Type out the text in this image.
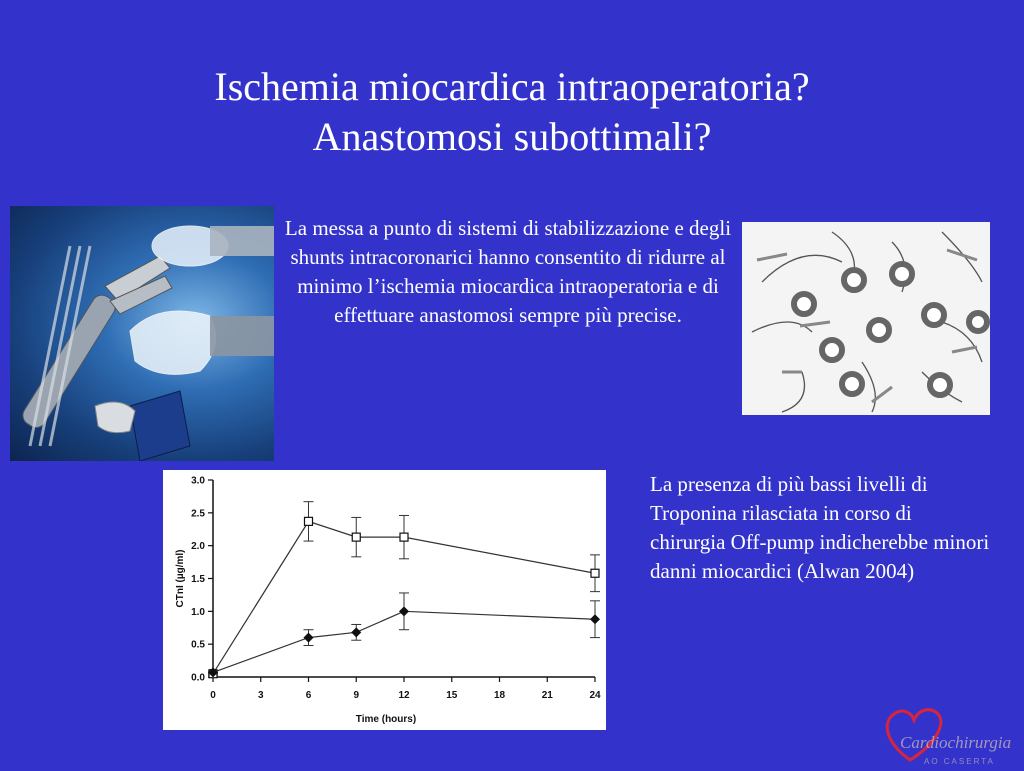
Ischemia miocardica intraoperatoria?
Anastomosi subottimali?
La messa a punto di sistemi di stabilizzazione e degli shunts intracoronarici hanno consentito di ridurre al minimo l’ischemia miocardica intraoperatoria e di effettuare anastomosi sempre più precise.
0.0
0.5
1.0
1.5
2.0
2.5
3.0
0	3	6	9	12	15	18	21	24
Time (hours)
CTnI (µg/ml)
La presenza di più bassi livelli di Troponina rilasciata in corso di chirurgia Off-pump indicherebbe minori danni miocardici (Alwan 2004)
Cardiochirurgia
AO CASERTA
